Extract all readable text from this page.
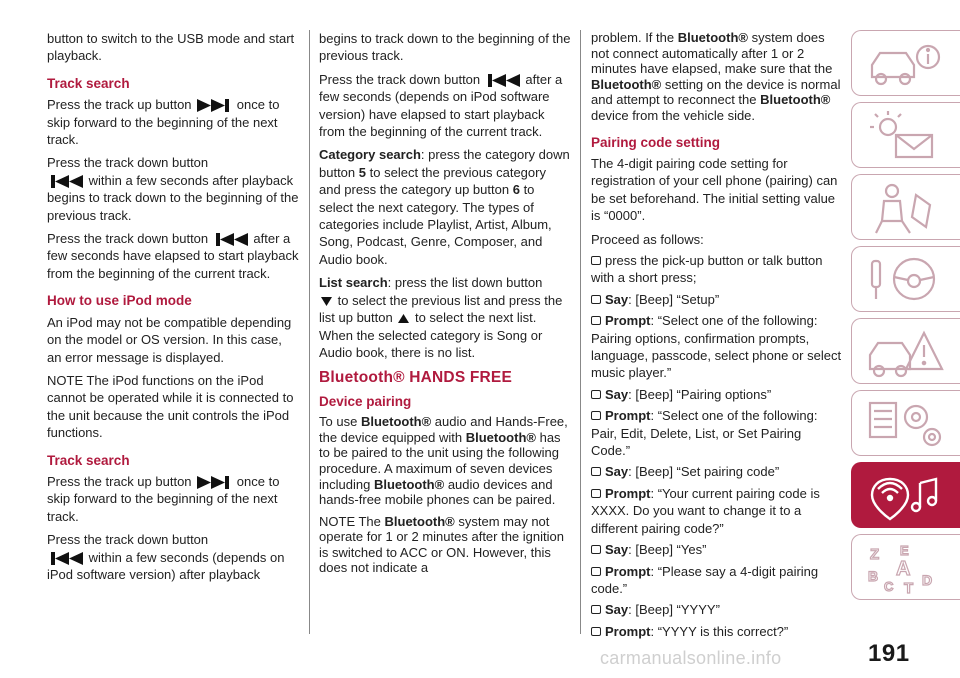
button to switch to the USB mode and start playback.

Track search

Press the track up button	once to skip forward to the beginning of the next track.

Press the track down button
within a few seconds after playback begins to track down to the beginning of the previous track.

Press the track down button	after a few seconds have elapsed to start playback from the beginning of the current track.

How to use iPod mode

An iPod may not be compatible depending on the model or OS version. In this case, an error message is displayed.

NOTE The iPod functions on the iPod cannot be operated while it is connected to the unit because the unit controls the iPod functions.

Track search

Press the track up button	once to skip forward to the beginning of the next track.

Press the track down button
within a few seconds (depends on iPod software version) after playback

begins to track down to the beginning of the previous track.

Press the track down button	after a few seconds (depends on iPod software version) have elapsed to start playback from the beginning of the current track.

Category search: press the category down button 5 to select the previous category and press the category up button 6 to select the next category. The types of categories include Playlist, Artist, Album, Song, Podcast, Genre, Composer, and Audio book.

List search: press the list down button
to select the previous list and press the list up button to select the next list. When the selected category is Song or Audio book, there is no list.

Bluetooth® HANDS FREE
Device pairing

To use Bluetooth® audio and Hands-Free, the device equipped with Bluetooth® has to be paired to the unit using the following procedure. A maximum of seven devices including Bluetooth® audio devices and hands-free mobile phones can be paired.

NOTE The Bluetooth® system may not operate for 1 or 2 minutes after the ignition is switched to ACC or ON. However, this does not indicate a

problem. If the Bluetooth® system does not connect automatically after 1 or 2 minutes have elapsed, make sure that the Bluetooth® setting on the device is normal and attempt to reconnect the Bluetooth® device from the vehicle side.

Pairing code setting

The 4-digit pairing code setting for registration of your cell phone (pairing) can be set beforehand. The initial setting value is “0000”.

Proceed as follows:

press the pick-up button or talk button with a short press;
Say: [Beep] “Setup”
Prompt: “Select one of the following: Pairing options, confirmation prompts, language, passcode, select phone or select music player.”
Say: [Beep] “Pairing options”
Prompt: “Select one of the following: Pair, Edit, Delete, List, or Set Pairing Code.”
Say: [Beep] “Set pairing code”
Prompt: “Your current pairing code is XXXX. Do you want to change it to a different pairing code?”
Say: [Beep] “Yes”
Prompt: “Please say a 4-digit pairing code.”
Say: [Beep] “YYYY”
Prompt: “YYYY is this correct?”
Z E
B A
C T D
191
carmanualsonline.info
